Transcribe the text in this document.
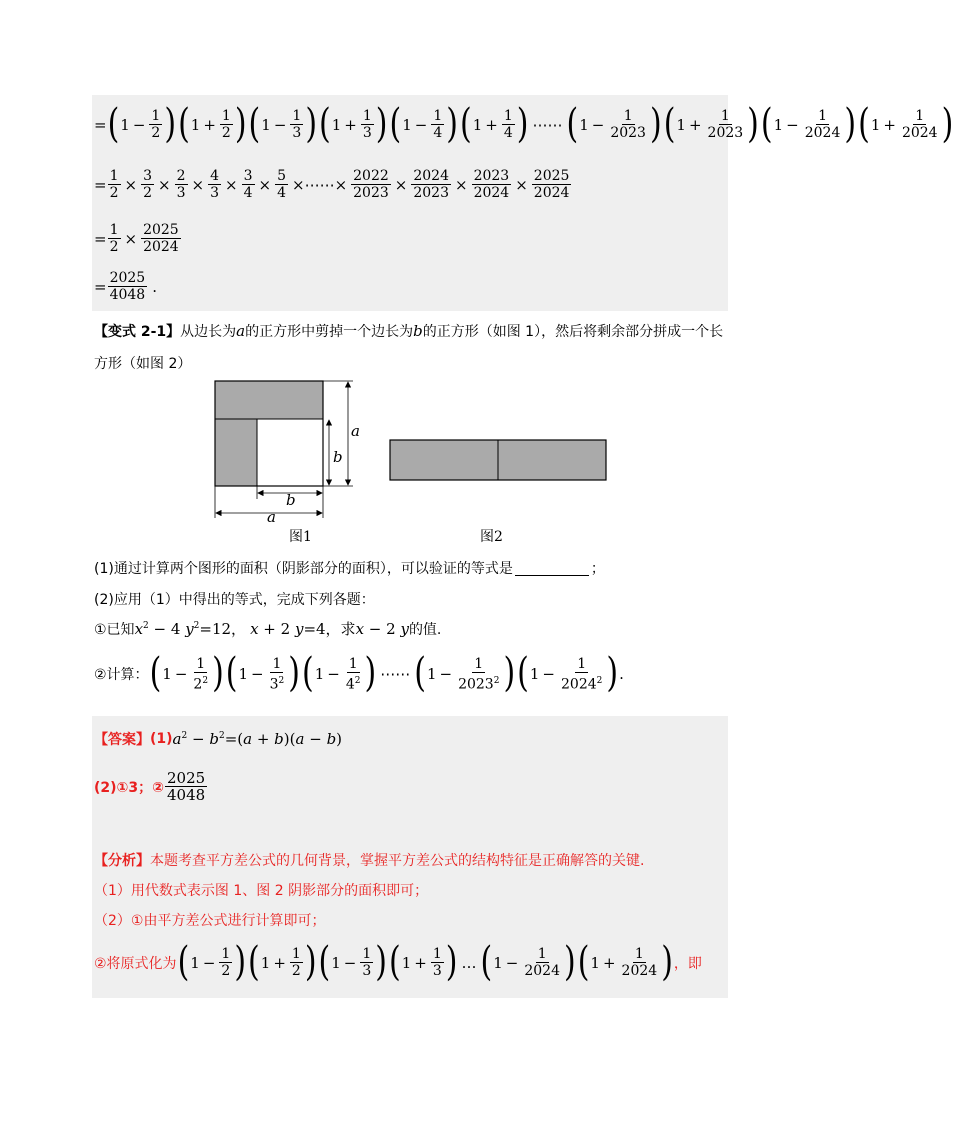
= ( $1 - \frac{1}{2}$ ) ( $1 + \frac{1}{2}$ ) ( $1 - \frac{1}{3}$ ) ( $1 + \frac{1}{3}$ ) ( $1 - \frac{1}{4}$ ) ( $1 + \frac{1}{4}$ ) ⋯⋯ ( $1 - \frac{1}{2023}$ ) ( $1 + \frac{1}{2023}$ ) ( $1 - \frac{1}{2024}$ ) ( $1 + \frac{1}{2024}$ )
= $\frac{1}{2} \times \frac{3}{2} \times \frac{2}{3} \times \frac{4}{3} \times \frac{3}{4} \times \frac{5}{4}$ ×⋯⋯× $\frac{2022}{2023} \times \frac{2024}{2023} \times \frac{2023}{2024} \times \frac{2025}{2024}$
= $\frac{1}{2} \times \frac{2025}{2024}$
= $\frac{2025}{4048}$ .
【变式 2-1】 从边长为 a 的正方形中剪掉一个边长为 b 的正方形（如图 1），然后将剩余部分拼成一个长
方形（如图 2）
a
b
b
a
图1	图2
(1)通过计算两个图形的面积（阴影部分的面积），可以验证的等式是	；
(2)应用（1）中得出的等式，完成下列各题：
①已知 $x^2 - 4$ $y^2 =12$， x + 2 y =4，求 x − 2 y 的值.
②计算： ( $1 - \frac{1}{2^2}$ ) ( $1 - \frac{1}{3^2}$ ) ( $1 - \frac{1}{4^2}$ ) ⋯⋯ ( $1 - \frac{1}{2023^2}$ ) ( $1 - \frac{1}{2024^2}$ ) .
【答案】 (1) $a^2 - b^2=(a + b)(a - b)$
(2)①3；② $\frac{2025}{4048}$
【分析】 本题考查平方差公式的几何背景，掌握平方差公式的结构特征是正确解答的关键.
（1）用代数式表示图 1、图 2 阴影部分的面积即可；
（2）①由平方差公式进行计算即可；
②将原式化为 ( $1 - \frac{1}{2}$ ) ( $1 + \frac{1}{2}$ ) ( $1 - \frac{1}{3}$ ) ( $1 + \frac{1}{3}$ ) … ( $1 - \frac{1}{2024}$ ) ( $1 + \frac{1}{2024}$ ) ，即
